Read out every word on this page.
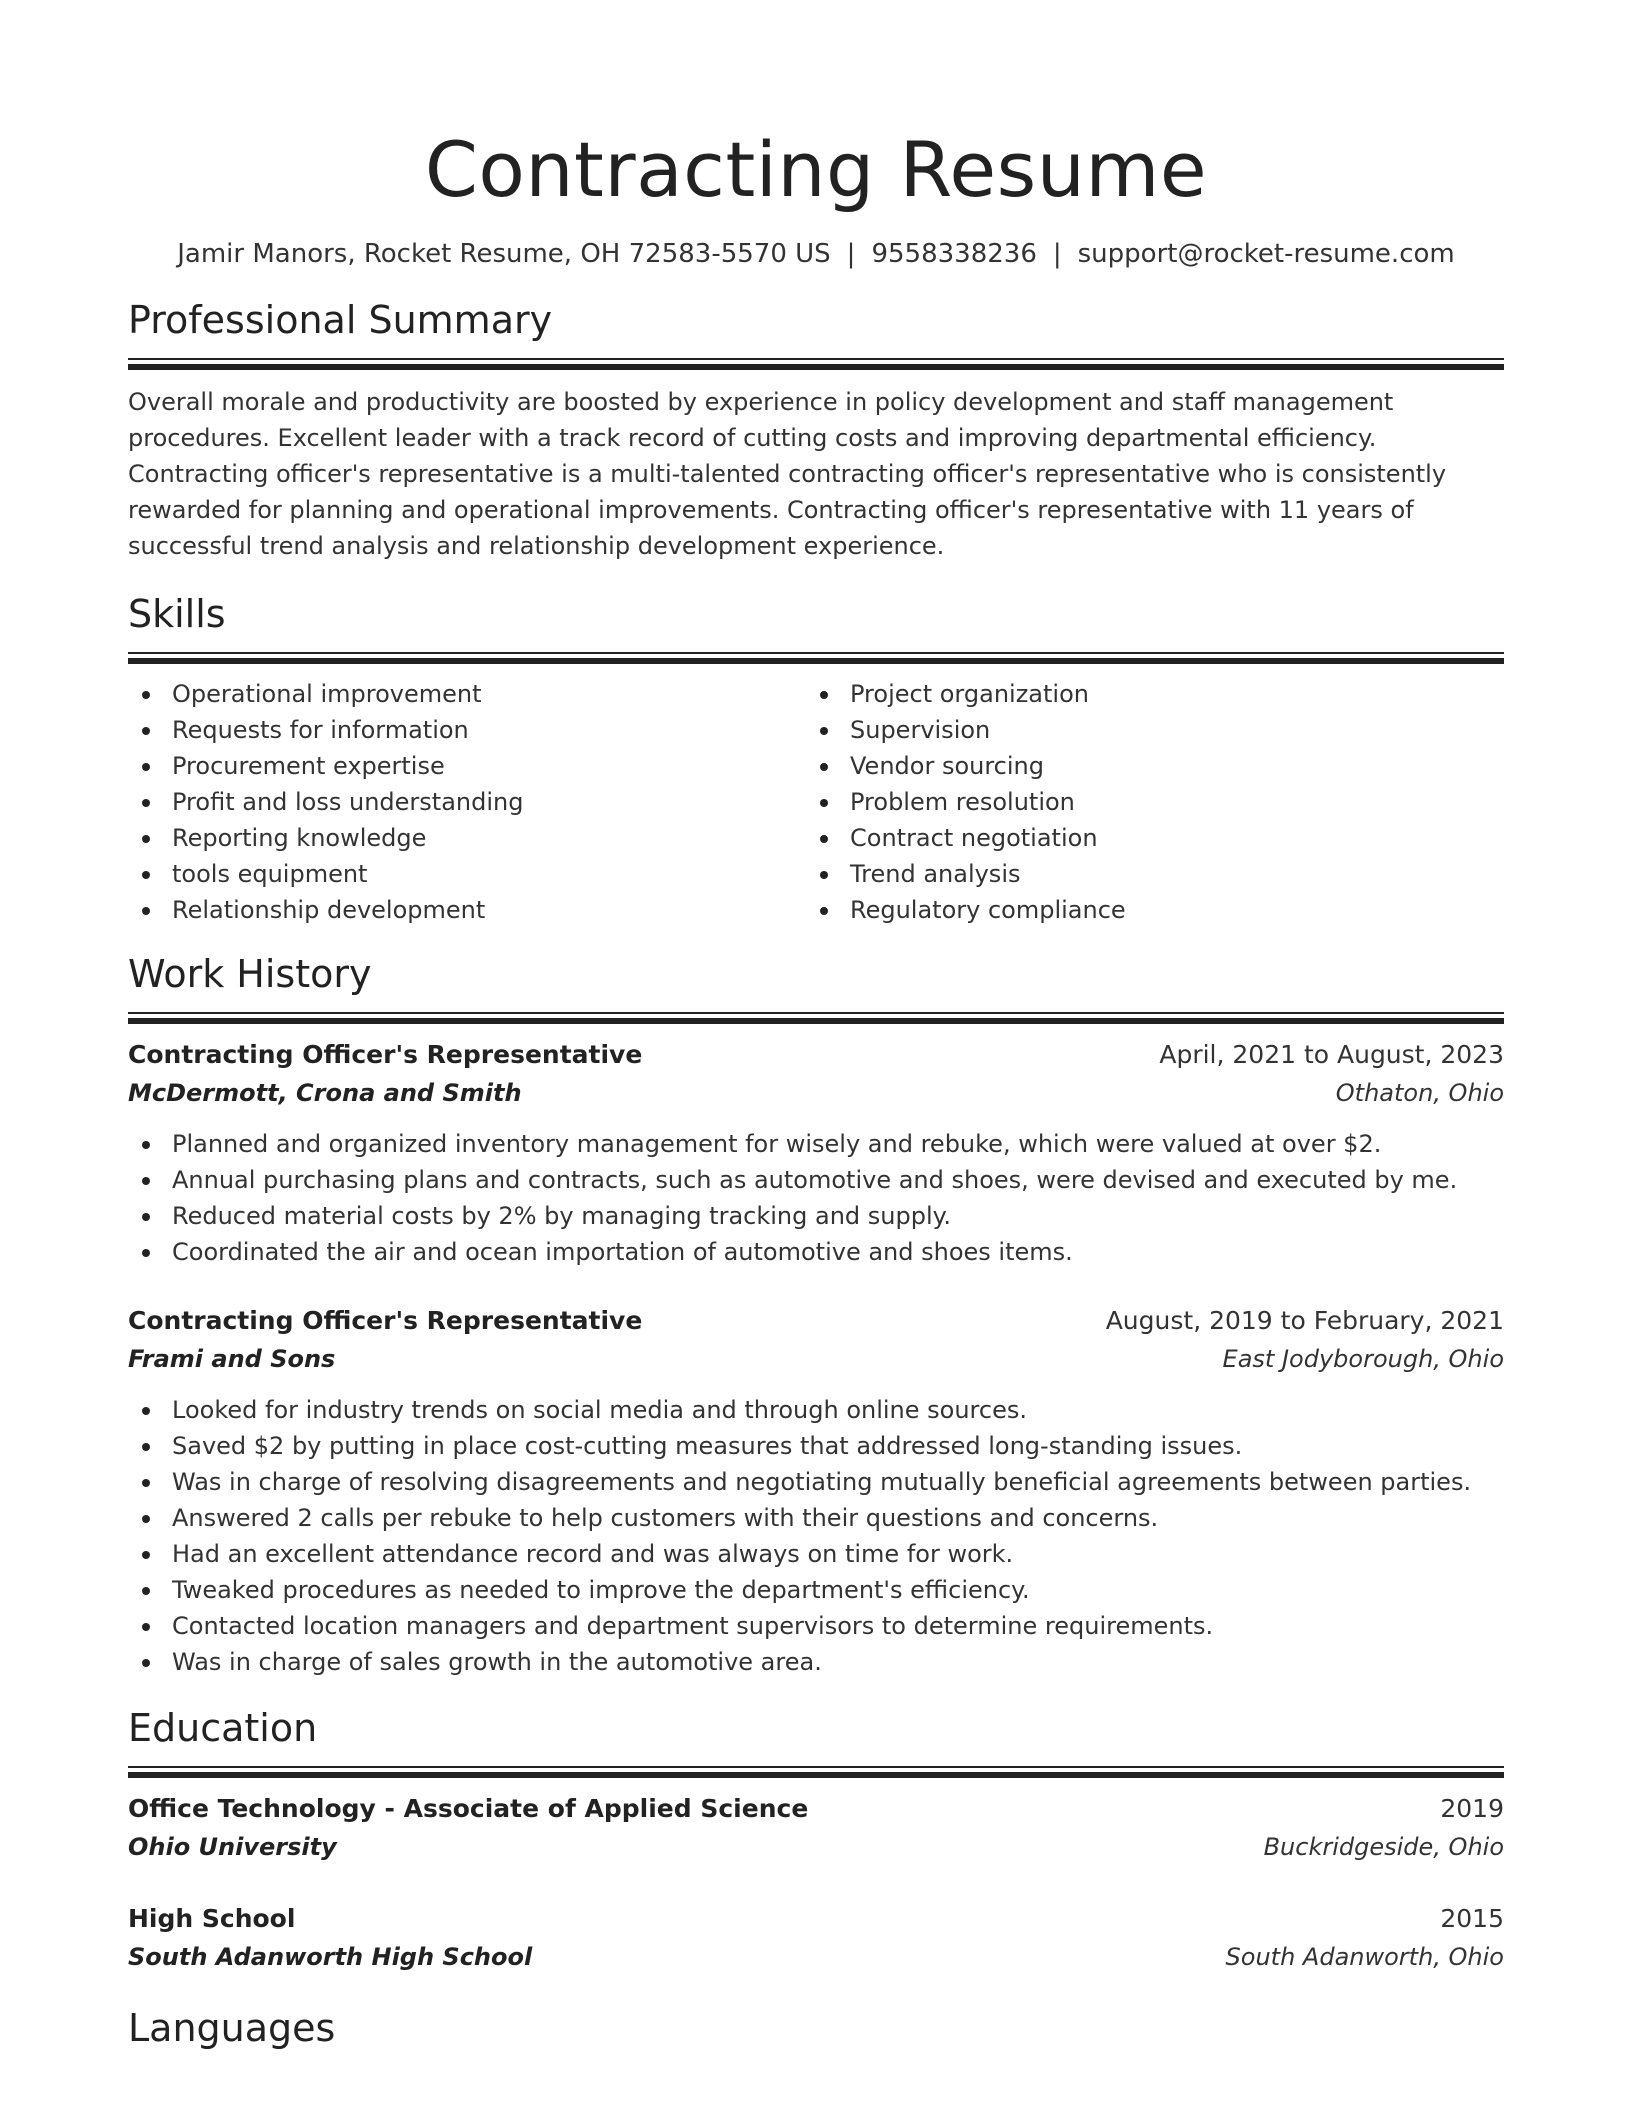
Contracting Resume
Jamir Manors, Rocket Resume, OH 72583-5570 US | 9558338236 | support@rocket-resume.com
Professional Summary
Overall morale and productivity are boosted by experience in policy development and staff management procedures. Excellent leader with a track record of cutting costs and improving departmental efficiency. Contracting officer's representative is a multi-talented contracting officer's representative who is consistently rewarded for planning and operational improvements. Contracting officer's representative with 11 years of successful trend analysis and relationship development experience.
Skills
Operational improvement
Requests for information
Procurement expertise
Profit and loss understanding
Reporting knowledge
tools equipment
Relationship development
Project organization
Supervision
Vendor sourcing
Problem resolution
Contract negotiation
Trend analysis
Regulatory compliance
Work History
Contracting Officer's Representative	April, 2021 to August, 2023
McDermott, Crona and Smith	Othaton, Ohio
Planned and organized inventory management for wisely and rebuke, which were valued at over $2.
Annual purchasing plans and contracts, such as automotive and shoes, were devised and executed by me.
Reduced material costs by 2% by managing tracking and supply.
Coordinated the air and ocean importation of automotive and shoes items.
Contracting Officer's Representative	August, 2019 to February, 2021
Frami and Sons	East Jodyborough, Ohio
Looked for industry trends on social media and through online sources.
Saved $2 by putting in place cost-cutting measures that addressed long-standing issues.
Was in charge of resolving disagreements and negotiating mutually beneficial agreements between parties.
Answered 2 calls per rebuke to help customers with their questions and concerns.
Had an excellent attendance record and was always on time for work.
Tweaked procedures as needed to improve the department's efficiency.
Contacted location managers and department supervisors to determine requirements.
Was in charge of sales growth in the automotive area.
Education
Office Technology - Associate of Applied Science	2019
Ohio University	Buckridgeside, Ohio
High School	2015
South Adanworth High School	South Adanworth, Ohio
Languages
